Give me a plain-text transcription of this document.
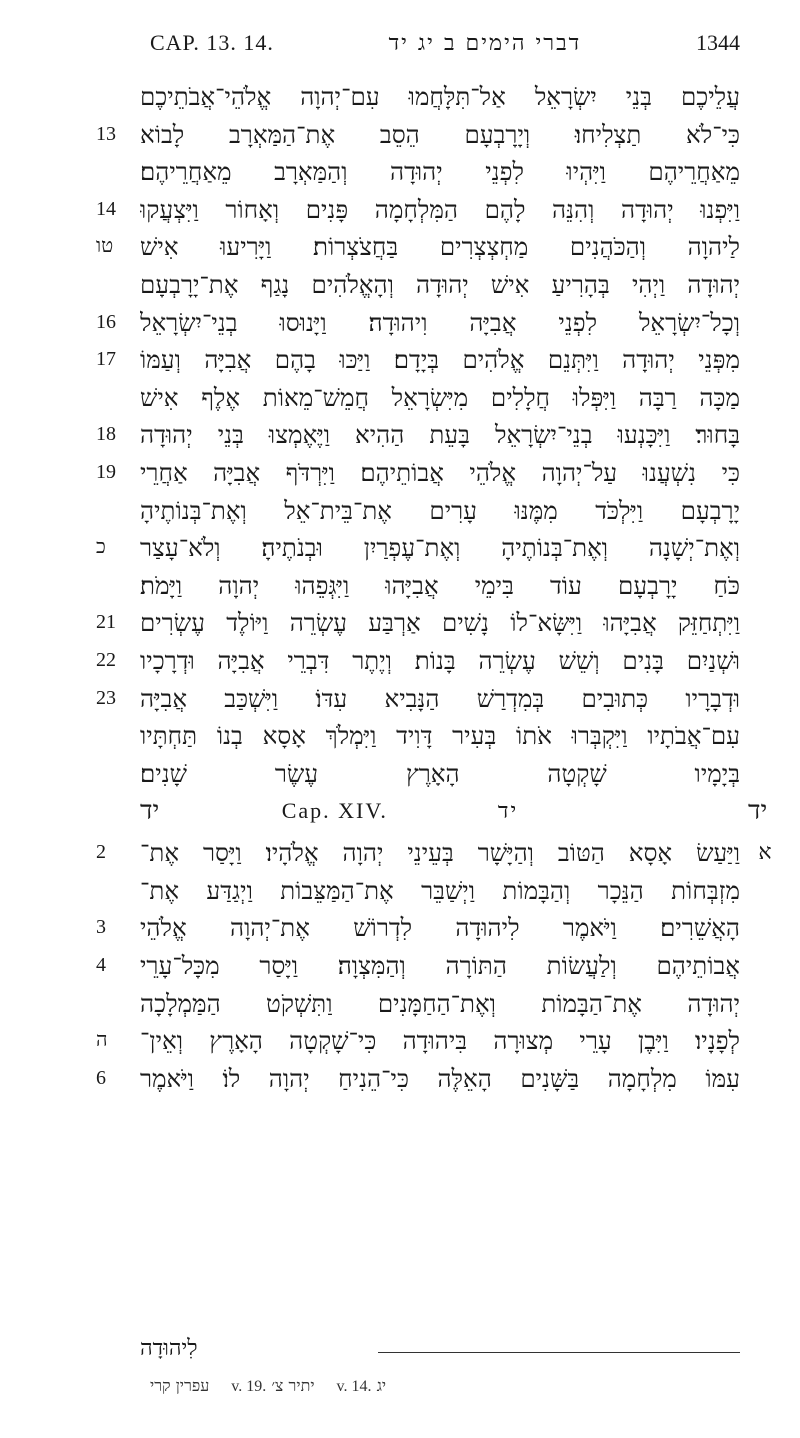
CAP. 13. 14.	דברי הימים ב יג יד	1344
עֲלֵיכֶם בְּנֵי יִשְׂרָאֵל אַל־תִּלָּחֲמוּ עִם־יְהוָה אֱלֹהֵי־אֲבֹתֵיכֶם
13 כִּי־לֹא תַצְלִיחוּ׃ וְיָרָבְעָם הֵסֵב אֶת־הַמַּאְרָב לָבוֹא
מֵאַחֲרֵיהֶם וַיִּהְיוּ לִפְנֵי יְהוּדָה וְהַמַּאְרָב מֵאַחֲרֵיהֶם׃
14 וַיִּפְנוּ יְהוּדָה וְהִנֵּה לָהֶם הַמִּלְחָמָה פָּנִים וְאָחוֹר וַיִּצְעֲקוּ
טו	לַיהוָה וְהַכֹּהֲנִים מַחְצְצְרִים בַּחֲצֹצְרוֹת׃ וַיָּרִיעוּ אִישׁ
יְהוּדָה וַיְהִי בְּהָרִיעַ אִישׁ יְהוּדָה וְהָאֱלֹהִים נָגַף אֶת־יָרָבְעָם
16 וְכָל־יִשְׂרָאֵל לִפְנֵי אֲבִיָּה וִיהוּדָה׃ וַיָּנוּסוּ בְנֵי־יִשְׂרָאֵל
17 מִפְּנֵי יְהוּדָה וַיִּתְּנֵם אֱלֹהִים בְּיָדָם׃ וַיַּכּוּ בָהֶם אֲבִיָּה וְעַמּוֹ
מַכָּה רַבָּה וַיִּפְּלוּ חֲלָלִים מִיִּשְׂרָאֵל חֲמֵשׁ־מֵאוֹת אֶלֶף אִישׁ
18 בָּחוּר׃ וַיִּכָּנְעוּ בְנֵי־יִשְׂרָאֵל בָּעֵת הַהִיא וַיֶּאֶמְצוּ בְּנֵי יְהוּדָה
19 כִּי נִשְׁעֲנוּ עַל־יְהוָה אֱלֹהֵי אֲבוֹתֵיהֶם׃ וַיִּרְדֹּף אֲבִיָּה אַחֲרֵי
יָרָבְעָם וַיִּלְכֹּד מִמֶּנּוּ עָרִים אֶת־בֵּית־אֵל וְאֶת־בְּנוֹתֶיהָ
כ	וְאֶת־יְשָׁנָה וְאֶת־בְּנוֹתֶיהָ וְאֶת־עֶפְרַיִן וּבְנֹתֶיהָ׃ וְלֹא־עָצַר
כֹּחַ יָרָבְעָם עוֹד בִּימֵי אֲבִיָּהוּ וַיִּגְּפֵהוּ יְהוָה וַיָּמֹת׃
21 וַיִּתְחַזֵּק אֲבִיָּהוּ וַיִּשָּׂא־לוֹ נָשִׁים אַרְבַּע עֶשְׂרֵה וַיּוֹלֶד עֶשְׂרִים
22 וּשְׁנַיִם בָּנִים וְשֵׁשׁ עֶשְׂרֵה בָּנוֹת׃ וְיֶתֶר דִּבְרֵי אֲבִיָּה וּדְרָכָיו
23 וּדְבָרָיו כְּתוּבִים בְּמִדְרַשׁ הַנָּבִיא עִדּוֹ׃ וַיִּשְׁכַּב אֲבִיָּה
עִם־אֲבֹתָיו וַיִּקְבְּרוּ אֹתוֹ בְּעִיר דָּוִיד וַיִּמְלֹךְ אָסָא בְנוֹ תַּחְתָּיו
בְּיָמָיו שָׁקְטָה הָאָרֶץ עֶשֶׂר שָׁנִים׃
יד	Cap. XIV.	יד	יד
2	וַיַּעַשׂ אָסָא הַטּוֹב וְהַיָּשָׁר בְּעֵינֵי יְהוָה אֱלֹהָיו׃ וַיָּסַר אֶת־ א
מִזְבְּחוֹת הַנֵּכָר וְהַבָּמוֹת וַיְשַׁבֵּר אֶת־הַמַּצֵּבוֹת וַיְגַדַּע אֶת־
3	הָאֲשֵׁרִים׃ וַיֹּאמֶר לִיהוּדָה לִדְרוֹשׁ אֶת־יְהוָה אֱלֹהֵי
4	אֲבוֹתֵיהֶם וְלַעֲשׂוֹת הַתּוֹרָה וְהַמִּצְוָה׃ וַיָּסַר מִכָּל־עָרֵי
יְהוּדָה אֶת־הַבָּמוֹת וְאֶת־הַחַמָּנִים וַתִּשְׁקֹט הַמַּמְלָכָה
ה	לְפָנָיו׃ וַיִּבֶן עָרֵי מְצוּרָה בִּיהוּדָה כִּי־שָׁקְטָה הָאָרֶץ וְאֵין־
6	עִמּוֹ מִלְחָמָה בַּשָּׁנִים הָאֵלֶּה כִּי־הֵנִיחַ יְהוָה לוֹ׃ וַיֹּאמֶר
לִיהוּדָה
יג v. 14.
יתיר צ׳ v. 19.
עפרין קרי
